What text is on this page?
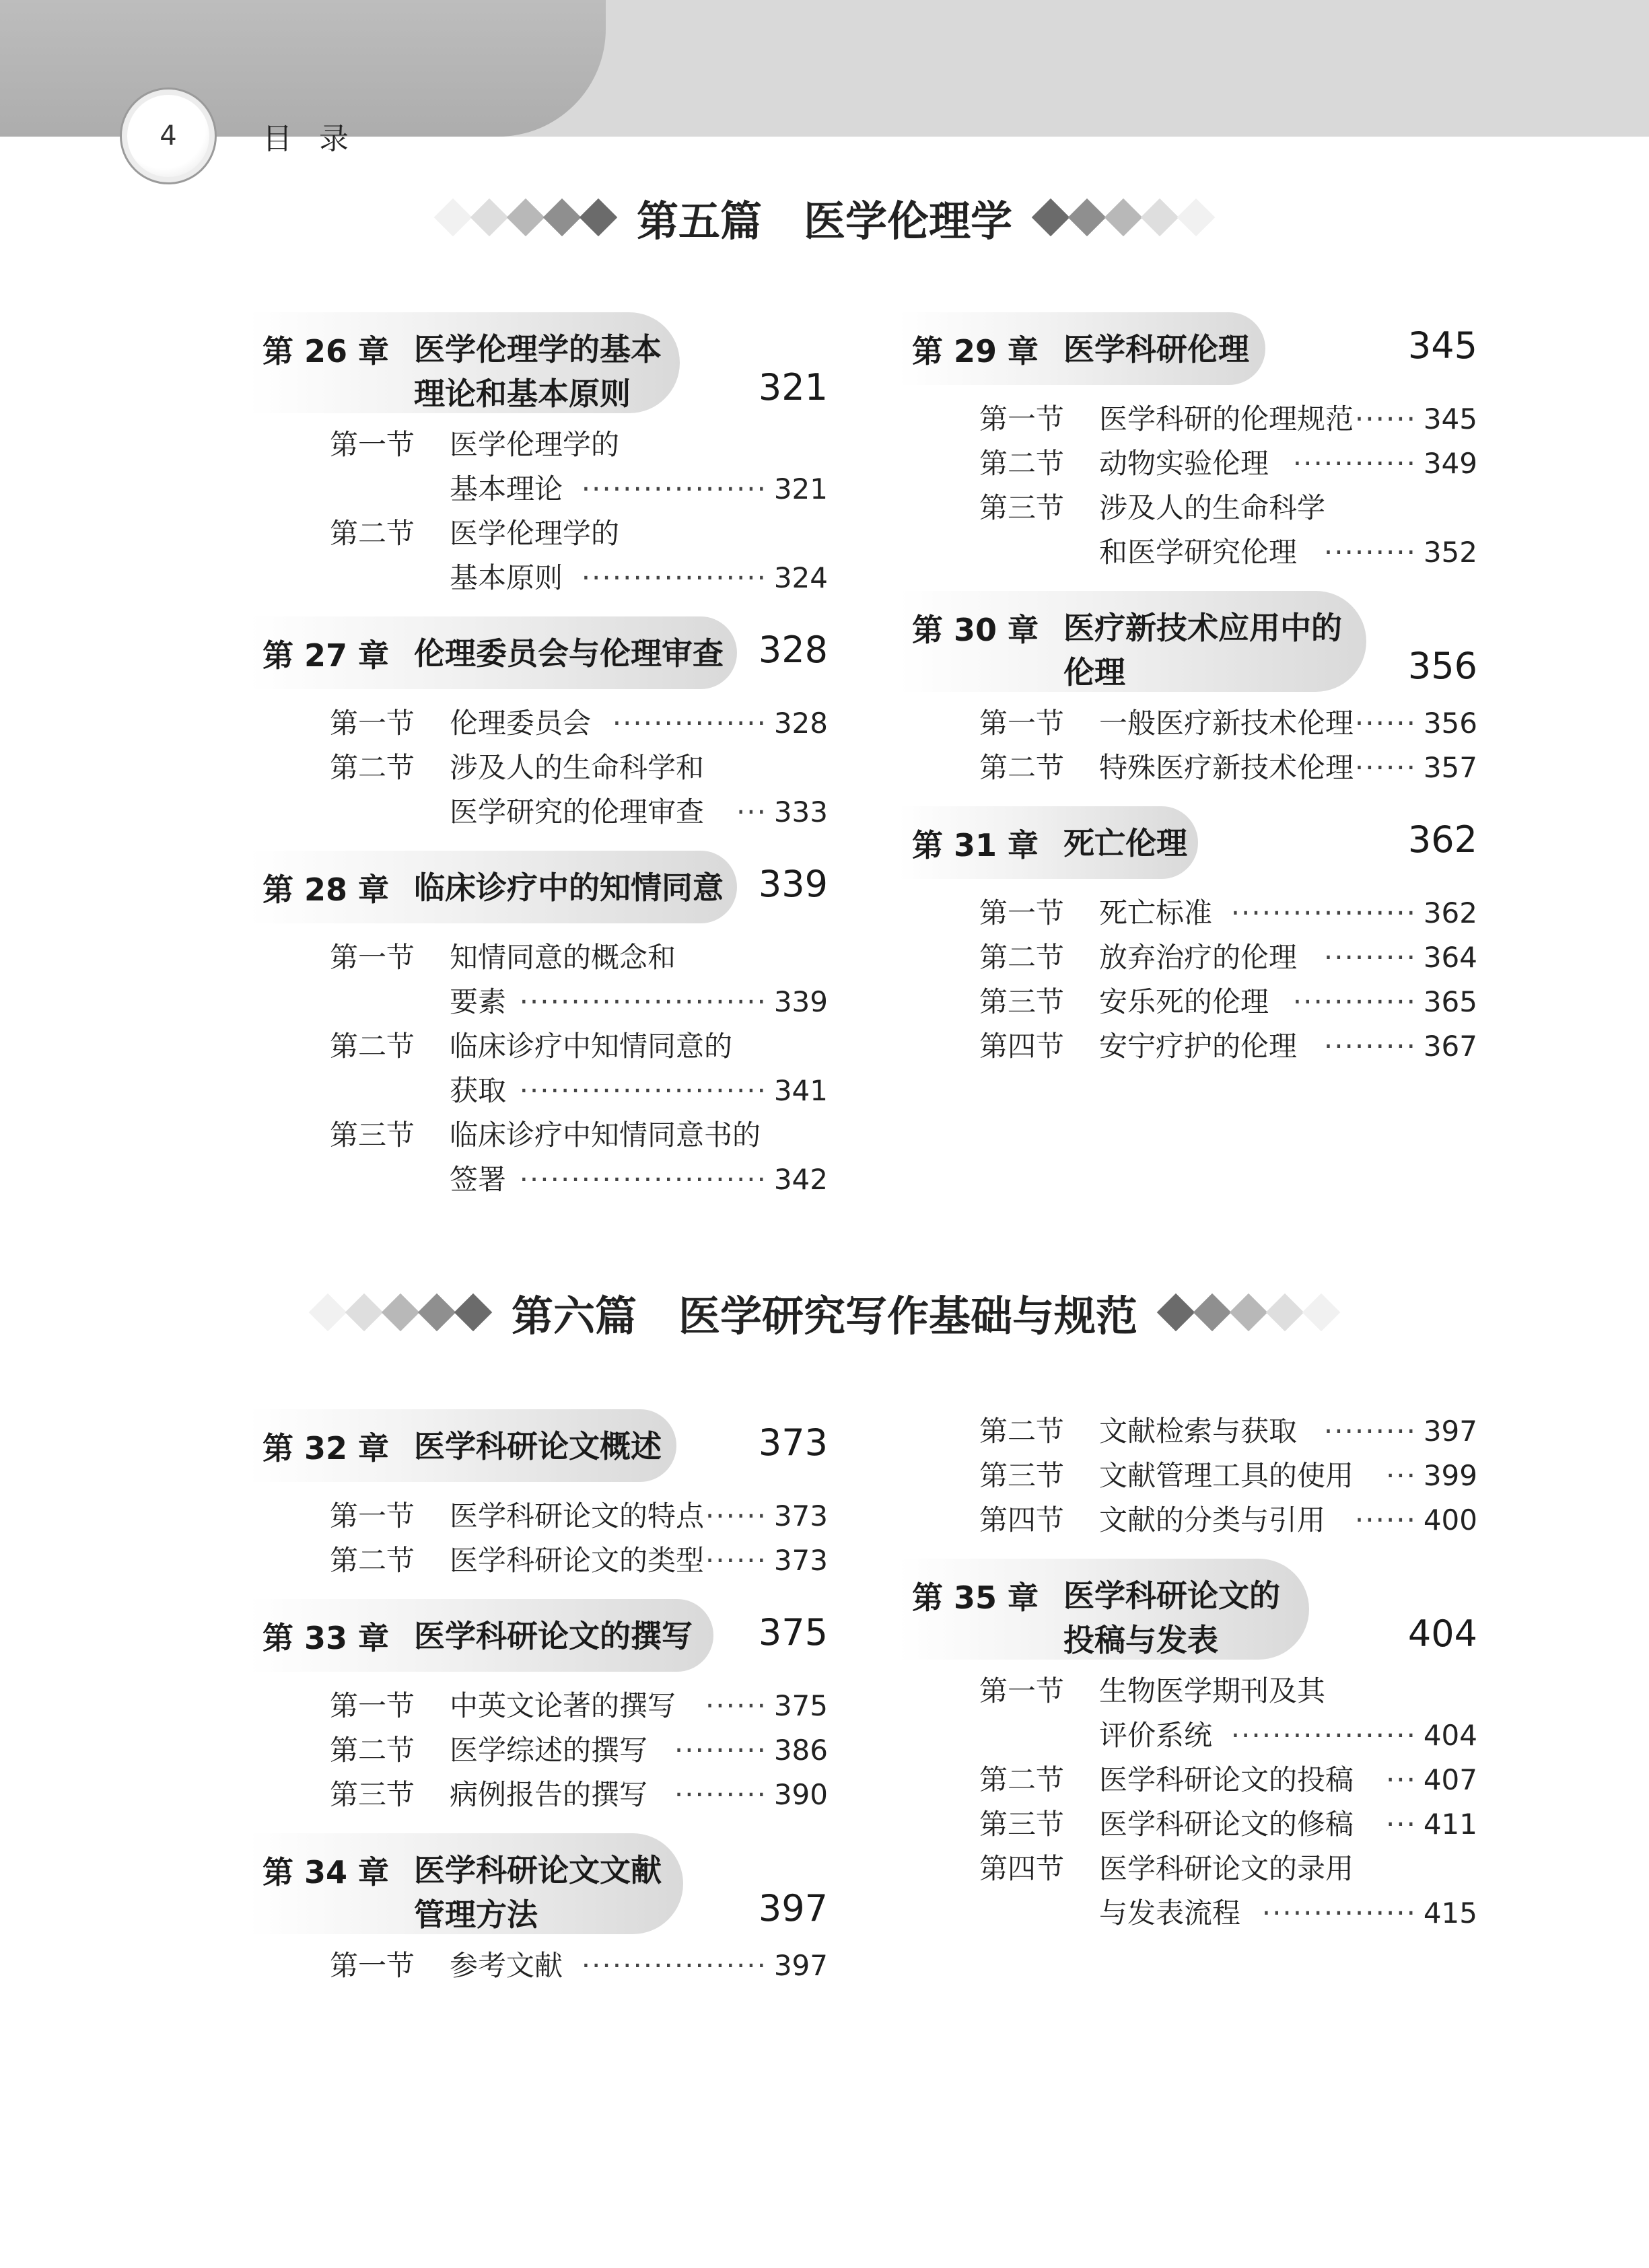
4	目录
第五篇　医学伦理学
第 26 章 医学伦理学的基本
理论和基本原则	321
第一节 医学伦理学的
基本理论 ·················· 321
第二节 医学伦理学的
基本原则 ·················· 324
第 27 章 伦理委员会与伦理审查 328
第一节 伦理委员会 ··············· 328
第二节 涉及人的生命科学和
医学研究的伦理审查	··· 333
第 28 章 临床诊疗中的知情同意 339
第一节 知情同意的概念和
要素 ························ 339
第二节 临床诊疗中知情同意的
获取 ························ 341
第三节 临床诊疗中知情同意书的
签署 ························ 342
第 29 章 医学科研伦理	345
第一节 医学科研的伦理规范 ······ 345
第二节 动物实验伦理 ············ 349
第三节 涉及人的生命科学
和医学研究伦理 ········· 352
第 30 章 医疗新技术应用中的
伦理	356
第一节 一般医疗新技术伦理 ······ 356
第二节 特殊医疗新技术伦理 ······ 357
第 31 章 死亡伦理	362
第一节 死亡标准 ·················· 362
第二节 放弃治疗的伦理 ········· 364
第三节 安乐死的伦理 ············ 365
第四节 安宁疗护的伦理 ········· 367
第六篇　医学研究写作基础与规范
第 32 章 医学科研论文概述	373
第一节 医学科研论文的特点 ······ 373
第二节 医学科研论文的类型 ······ 373
第 33 章 医学科研论文的撰写 375
第一节 中英文论著的撰写	······ 375
第二节 医学综述的撰写 ········· 386
第三节 病例报告的撰写 ········· 390
第 34 章 医学科研论文文献
管理方法	397
第一节 参考文献 ·················· 397
第二节 文献检索与获取 ········· 397
第三节 文献管理工具的使用	··· 399
第四节 文献的分类与引用	······ 400
第 35 章 医学科研论文的
投稿与发表	404
第一节 生物医学期刊及其
评价系统 ·················· 404
第二节 医学科研论文的投稿	··· 407
第三节 医学科研论文的修稿	··· 411
第四节 医学科研论文的录用
与发表流程 ··············· 415
